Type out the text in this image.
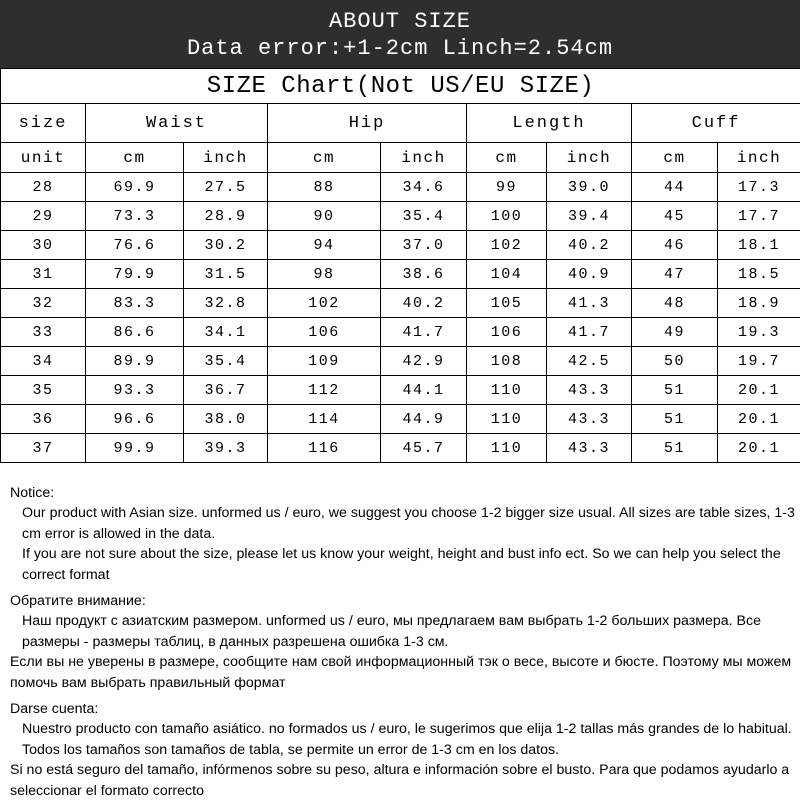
ABOUT SIZE
Data error:+1-2cm Linch=2.54cm
SIZE Chart(Not US/EU SIZE)								
size	Waist		Hip		Length		Cuff	
unit	cm	inch	cm	inch	cm	inch	cm	inch
28	69.9	27.5	88	34.6	99	39.0	44	17.3
29	73.3	28.9	90	35.4	100	39.4	45	17.7
30	76.6	30.2	94	37.0	102	40.2	46	18.1
31	79.9	31.5	98	38.6	104	40.9	47	18.5
32	83.3	32.8	102	40.2	105	41.3	48	18.9
33	86.6	34.1	106	41.7	106	41.7	49	19.3
34	89.9	35.4	109	42.9	108	42.5	50	19.7
35	93.3	36.7	112	44.1	110	43.3	51	20.1
36	96.6	38.0	114	44.9	110	43.3	51	20.1
37	99.9	39.3	116	45.7	110	43.3	51	20.1

Notice:

Our product with Asian size. unformed us / euro, we suggest you choose 1-2 bigger size usual. All sizes are table sizes, 1-3 cm error is allowed in the data.

If you are not sure about the size, please let us know your weight, height and bust info ect. So we can help you select the correct format

Обратите внимание:

Наш продукт с азиатским размером. unformed us / euro, мы предлагаем вам выбрать 1-2 больших размера. Все размеры - размеры таблиц, в данных разрешена ошибка 1-3 см.

Если вы не уверены в размере, сообщите нам свой информационный тэк о весе, высоте и бюсте. Поэтому мы можем помочь вам выбрать правильный формат

Darse cuenta:

Nuestro producto con tamaño asiático. no formados us / euro, le sugerimos que elija 1-2 tallas más grandes de lo habitual. Todos los tamaños son tamaños de tabla, se permite un error de 1-3 cm en los datos.

Si no está seguro del tamaño, infórmenos sobre su peso, altura e información sobre el busto. Para que podamos ayudarlo a seleccionar el formato correcto
